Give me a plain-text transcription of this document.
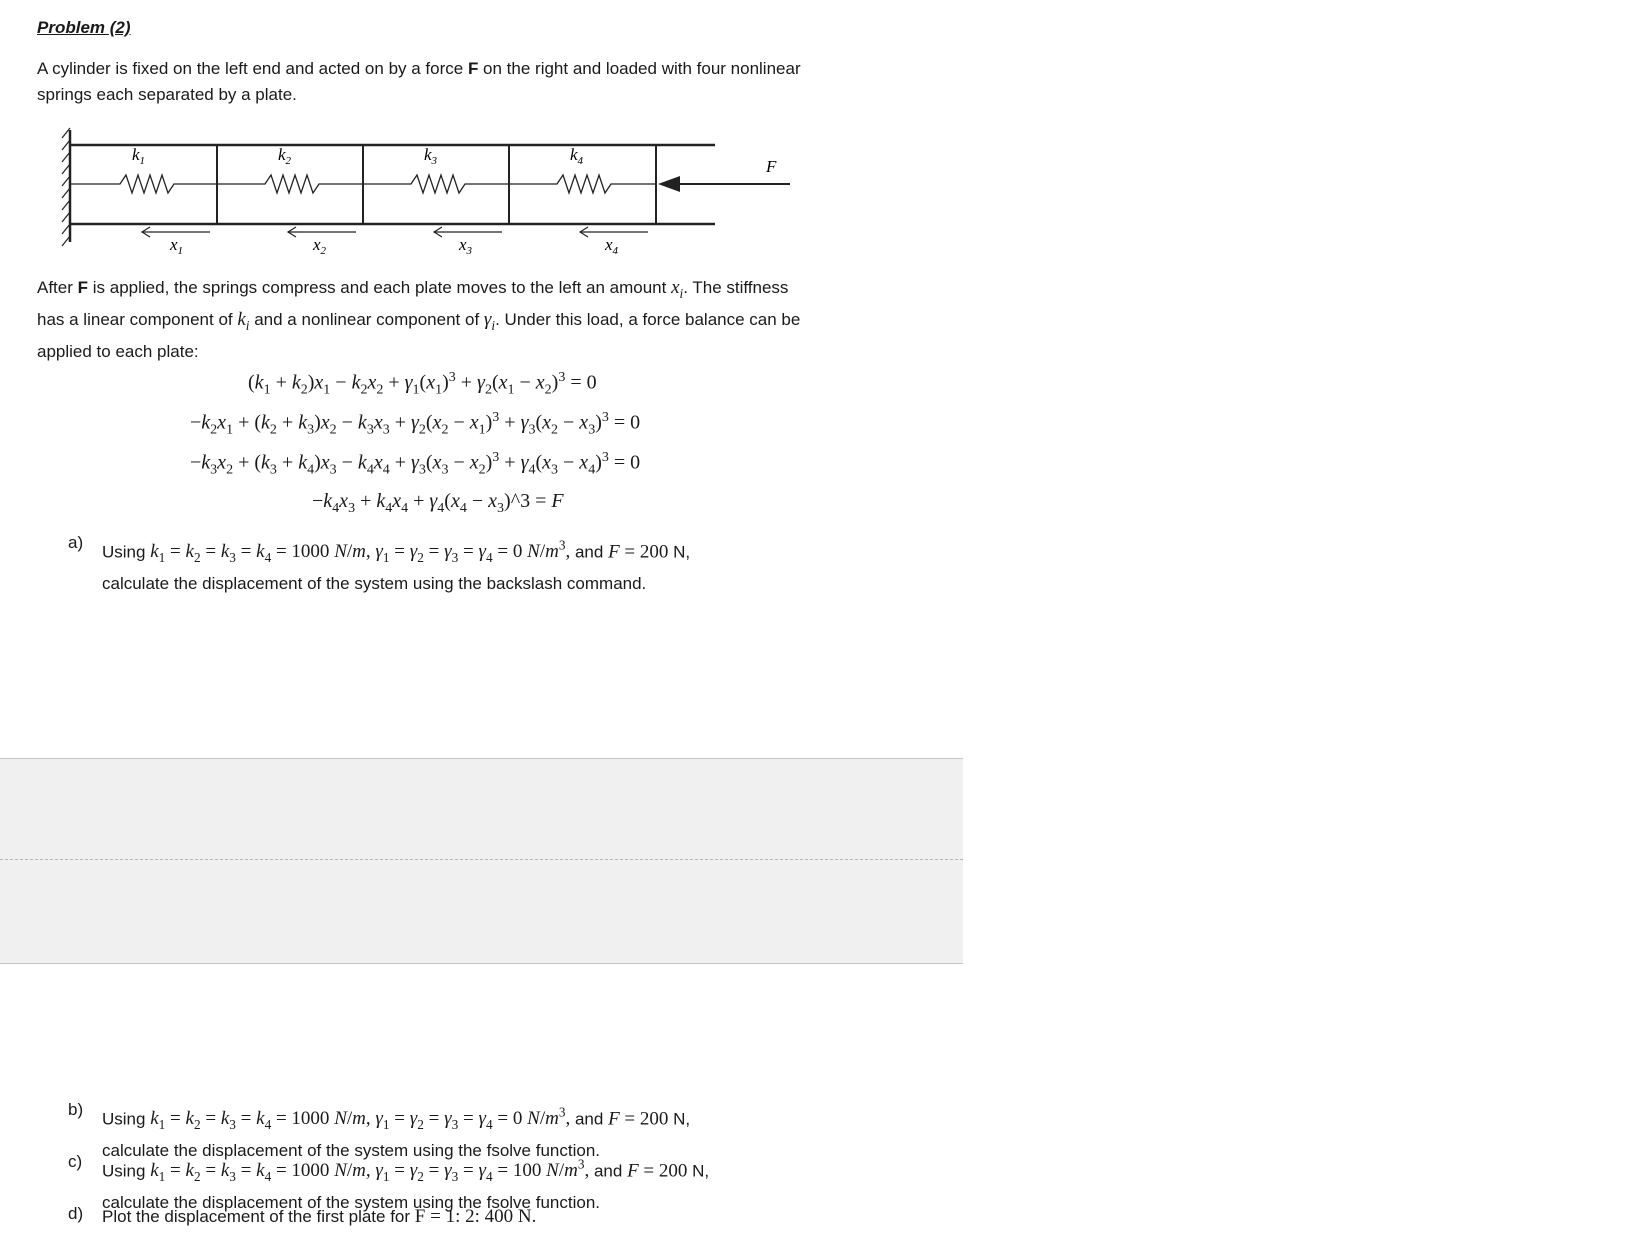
Problem (2)
A cylinder is fixed on the left end and acted on by a force F on the right and loaded with four nonlinear
springs each separated by a plate.
$k_1$	$k_2$	$k_3$	$k_4$	F
$x_1$	$x_2$	$x_3$	$x_4$
After F is applied, the springs compress and each plate moves to the left an amount $x_i$. The stiffness
has a linear component of $k_i$ and a nonlinear component of $\gamma_i$. Under this load, a force balance can be
applied to each plate:
$(k_1 + k_2)x_1 - k_2x_2 + \gamma_1(x_1)^3 + \gamma_2(x_1 - x_2)^3 = 0$
$-k_2x_1 + (k_2 + k_3)x_2 - k_3x_3 + \gamma_2(x_2 - x_1)^3 + \gamma_3(x_2 - x_3)^3 = 0$
$-k_3x_2 + (k_3 + k_4)x_3 - k_4x_4 + \gamma_3(x_3 - x_2)^3 + \gamma_4(x_3 - x_4)^3 = 0$
$-k_4x_3 + k_4x_4 + \gamma_4(x_4$ − $x_3)\^{}3 = F$
a) Using $k_1 = k_2 = k_3 = k_4 = 1000$ N/m, $\gamma_1 = \gamma_2 = \gamma_3 = \gamma_4 = 0$ $N/m^3$, and F = 200 N,
calculate the displacement of the system using the backslash command.
b) Using $k_1 = k_2 = k_3 = k_4 = 1000$ N/m, $\gamma_1 = \gamma_2 = \gamma_3 = \gamma_4 = 0$ $N/m^3$, and F = 200 N,
calculate the displacement of the system using the fsolve function.
c) Using $k_1 = k_2 = k_3 = k_4 = 1000$ N/m, $\gamma_1 = \gamma_2 = \gamma_3 = \gamma_4 = 100$ $N/m^3$, and F = 200 N,
calculate the displacement of the system using the fsolve function.
d) Plot the displacement of the first plate for F = 1: 2: 400 N.
